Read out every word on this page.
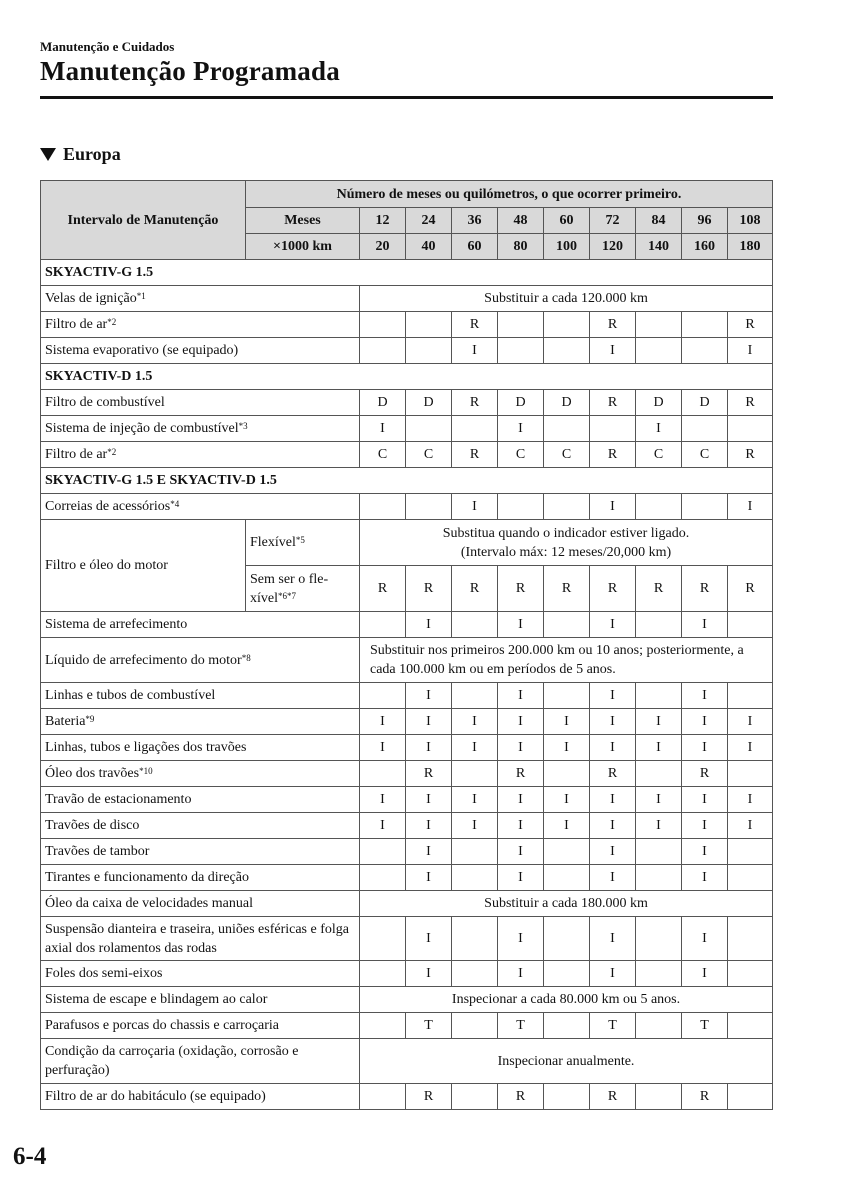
Manutenção e Cuidados
Manutenção Programada
Europa
Intervalo de Manutenção	Número de meses ou quilómetros, o que ocorrer primeiro.									
	Meses	12	24	36	48	60	72	84	96	108
	×1000 km	20	40	60	80	100	120	140	160	180
SKYACTIV-G 1.5										
Velas de ignição$^{*1}$		Substituir a cada 120.000 km								
Filtro de $ar^{*2}$				R			R			R
Sistema evaporativo (se equipado)				I			I			I
SKYACTIV-D 1.5										
Filtro de combustível		D	D	R	D	D	R	D	D	R
Sistema de injeção de combustível$^{*3}$		I			I			I		
Filtro de $ar^{*2}$		C	C	R	C	C	R	C	C	R
SKYACTIV-G 1.5 E SKYACTIV-D 1.5										
Correias de acessórios$^{*4}$				I			I			I
Filtro e óleo do motor	Flexível$^{*5}$	Substitua quando o indicador estiver ligado. (Intervalo máx: 12 meses/20,000 km)								
	Sem ser o fle-xível$^{*6*7}$	R	R	R	R	R	R	R	R	R
Sistema de arrefecimento			I		I		I		I	
Líquido de arrefecimento do motor$^{*8}$		Substituir nos primeiros 200.000 km ou 10 anos; posteriormente, a cada 100.000 km ou em períodos de 5 anos.								
Linhas e tubos de combustível			I		I		I		I	
Bateria$^{*9}$		I	I	I	I	I	I	I	I	I
Linhas, tubos e ligações dos travões		I	I	I	I	I	I	I	I	I
Óleo dos travões$^{*10}$			R		R		R		R	
Travão de estacionamento		I	I	I	I	I	I	I	I	I
Travões de disco		I	I	I	I	I	I	I	I	I
Travões de tambor			I		I		I		I	
Tirantes e funcionamento da direção			I		I		I		I	
Óleo da caixa de velocidades manual		Substituir a cada 180.000 km								
Suspensão dianteira e traseira, uniões esféricas e folga axial dos rolamentos das rodas			I		I		I		I	
Foles dos semi-eixos			I		I		I		I	
Sistema de escape e blindagem ao calor		Inspecionar a cada 80.000 km ou 5 anos.								
Parafusos e porcas do chassis e carroçaria			T		T		T		T	
Condição da carroçaria (oxidação, corrosão e perfuração)		Inspecionar anualmente.								
Filtro de ar do habitáculo (se equipado)			R		R		R		R	
6-4
